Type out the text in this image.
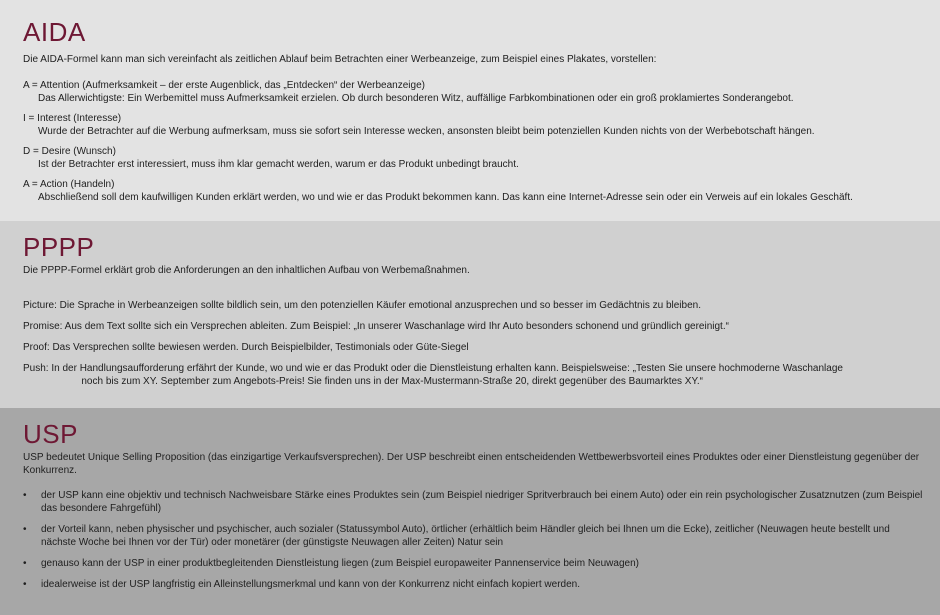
AIDA

Die AIDA-Formel kann man sich vereinfacht als zeitlichen Ablauf beim Betrachten einer Werbeanzeige, zum Beispiel eines Plakates, vorstellen:

A = Attention (Aufmerksamkeit – der erste Augenblick, das „Entdecken“ der Werbeanzeige)

Das Allerwichtigste: Ein Werbemittel muss Aufmerksamkeit erzielen. Ob durch besonderen Witz, auffällige Farbkombinationen oder ein groß proklamiertes Sonderangebot.

I = Interest (Interesse)

Wurde der Betrachter auf die Werbung aufmerksam, muss sie sofort sein Interesse wecken, ansonsten bleibt beim potenziellen Kunden nichts von der Werbebotschaft hängen.

D = Desire (Wunsch)

Ist der Betrachter erst interessiert, muss ihm klar gemacht werden, warum er das Produkt unbedingt braucht.

A = Action (Handeln)

Abschließend soll dem kaufwilligen Kunden erklärt werden, wo und wie er das Produkt bekommen kann. Das kann eine Internet-Adresse sein oder ein Verweis auf ein lokales Geschäft.

PPPP

Die PPPP-Formel erklärt grob die Anforderungen an den inhaltlichen Aufbau von Werbemaßnahmen.

Picture: Die Sprache in Werbeanzeigen sollte bildlich sein, um den potenziellen Käufer emotional anzusprechen und so besser im Gedächtnis zu bleiben.

Promise: Aus dem Text sollte sich ein Versprechen ableiten. Zum Beispiel: „In unserer Waschanlage wird Ihr Auto besonders schonend und gründlich gereinigt.“

Proof: Das Versprechen sollte bewiesen werden. Durch Beispielbilder, Testimonials oder Güte-Siegel

Push: In der Handlungsaufforderung erfährt der Kunde, wo und wie er das Produkt oder die Dienstleistung erhalten kann. Beispielsweise: „Testen Sie unsere hochmoderne Waschanlage
noch bis zum XY. September zum Angebots-Preis! Sie finden uns in der Max-Mustermann-Straße 20, direkt gegenüber des Baumarktes XY.“
USP

USP bedeutet Unique Selling Proposition (das einzigartige Verkaufsversprechen). Der USP beschreibt einen entscheidenden Wettbewerbsvorteil eines Produktes oder einer Dienstleistung gegenüber der Konkurrenz.

•	der USP kann eine objektiv und technisch Nachweisbare Stärke eines Produktes sein (zum Beispiel niedriger Spritverbrauch bei einem Auto) oder ein rein psychologischer Zusatznutzen (zum Beispiel das besondere Fahrgefühl)
•	der Vorteil kann, neben physischer und psychischer, auch sozialer (Statussymbol Auto), örtlicher (erhältlich beim Händler gleich bei Ihnen um die Ecke), zeitlicher (Neuwagen heute bestellt und nächste Woche bei Ihnen vor der Tür) oder monetärer (der günstigste Neuwagen aller Zeiten) Natur sein
•	genauso kann der USP in einer produktbegleitenden Dienstleistung liegen (zum Beispiel europaweiter Pannenservice beim Neuwagen)
•	idealerweise ist der USP langfristig ein Alleinstellungsmerkmal und kann von der Konkurrenz nicht einfach kopiert werden.
